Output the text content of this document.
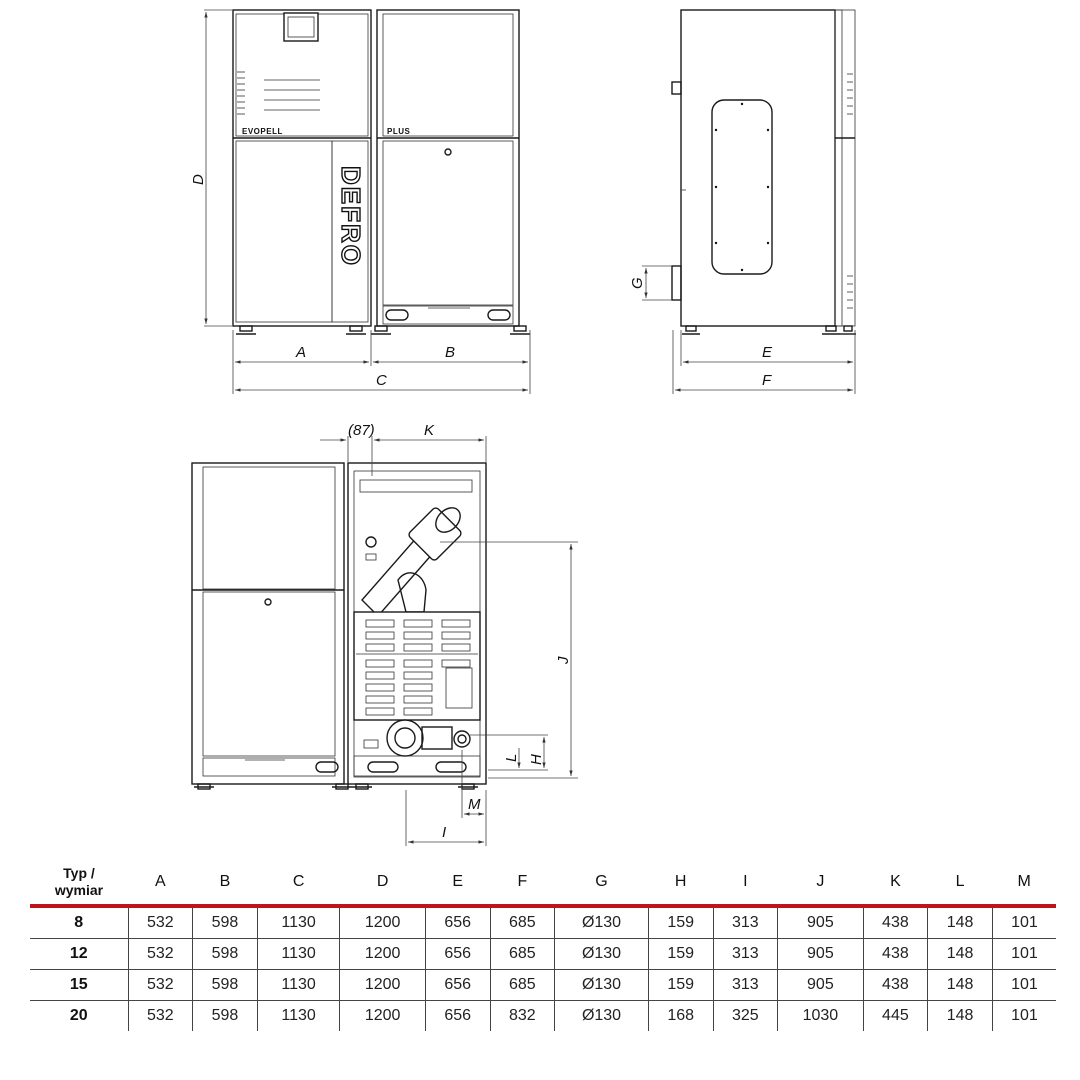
EVOPELL
DEFRO
PLUS
D
A	B
C
G
E
F
(87)	K
J
L H
M
I
Typ /
wymiar	A	B	C	D	E	F	G	H	I	J	K	L	M
8	532	598	1130	1200	656	685	Ø130	159	313	905	438	148	101
12	532	598	1130	1200	656	685	Ø130	159	313	905	438	148	101
15	532	598	1130	1200	656	685	Ø130	159	313	905	438	148	101
20	532	598	1130	1200	656	832	Ø130	168	325	1030	445	148	101
